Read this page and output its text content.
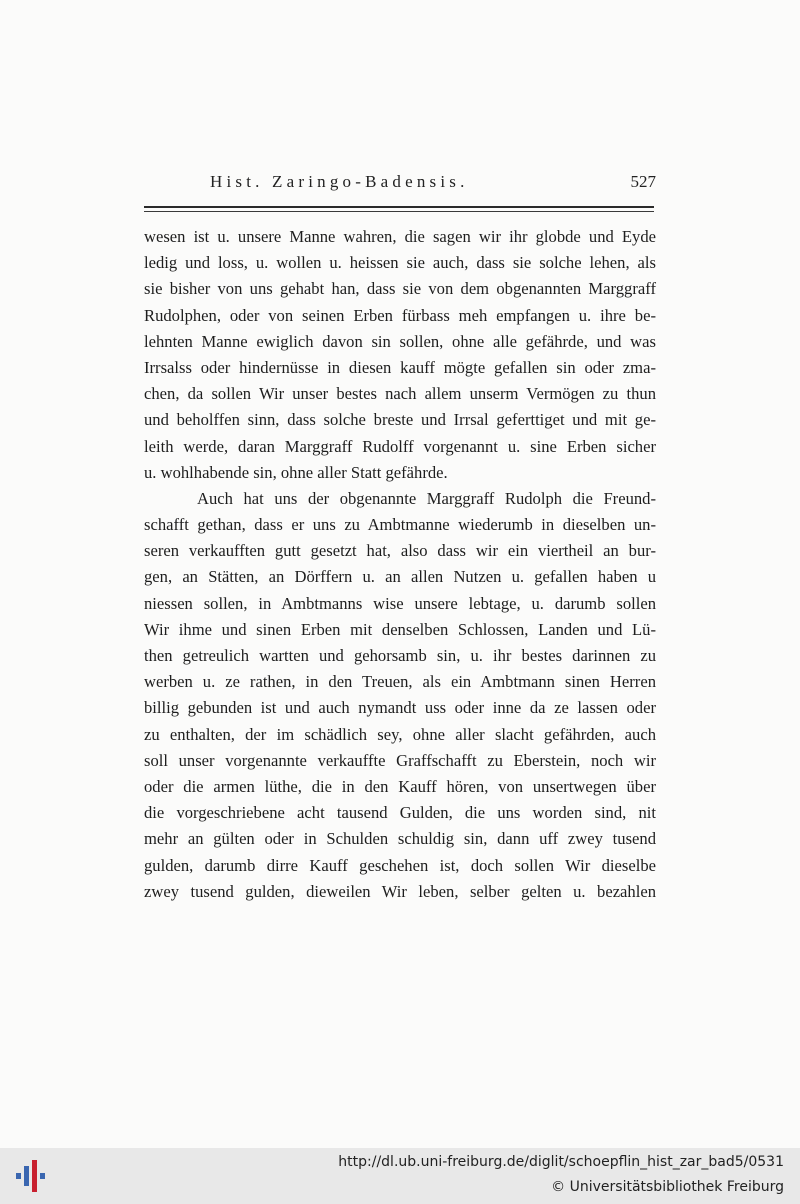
Hist. Zaringo-Badensis.	527
wesen ist u. unsere Manne wahren, die sagen wir ihr globde und Eyde
ledig und loss, u. wollen u. heissen sie auch, dass sie solche lehen, als
sie bisher von uns gehabt han, dass sie von dem obgenannten Marggraff
Rudolphen, oder von seinen Erben fürbass meh empfangen u. ihre be-
lehnten Manne ewiglich davon sin sollen, ohne alle gefährde, und was
Irrsalss oder hindernüsse in diesen kauff mögte gefallen sin oder zma-
chen, da sollen Wir unser bestes nach allem unserm Vermögen zu thun
und beholffen sinn, dass solche breste und Irrsal geferttiget und mit ge-
leith werde, daran Marggraff Rudolff vorgenannt u. sine Erben sicher
u. wohlhabende sin, ohne aller Statt gefährde.
Auch hat uns der obgenannte Marggraff Rudolph die Freund-
schafft gethan, dass er uns zu Ambtmanne wiederumb in dieselben un-
seren verkaufften gutt gesetzt hat, also dass wir ein viertheil an bur-
gen, an Stätten, an Dörffern u. an allen Nutzen u. gefallen haben u
niessen sollen, in Ambtmanns wise unsere lebtage, u. darumb sollen
Wir ihme und sinen Erben mit denselben Schlossen, Landen und Lü-
then getreulich wartten und gehorsamb sin, u. ihr bestes darinnen zu
werben u. ze rathen, in den Treuen, als ein Ambtmann sinen Herren
billig gebunden ist und auch nymandt uss oder inne da ze lassen oder
zu enthalten, der im schädlich sey, ohne aller slacht gefährden, auch
soll unser vorgenannte verkauffte Graffschafft zu Eberstein, noch wir
oder die armen lüthe, die in den Kauff hören, von unsertwegen über
die vorgeschriebene acht tausend Gulden, die uns worden sind, nit
mehr an gülten oder in Schulden schuldig sin, dann uff zwey tusend
gulden, darumb dirre Kauff geschehen ist, doch sollen Wir dieselbe
zwey tusend gulden, dieweilen Wir leben, selber gelten u. bezahlen
http://dl.ub.uni-freiburg.de/diglit/schoepflin_hist_zar_bad5/0531
© Universitätsbibliothek Freiburg
